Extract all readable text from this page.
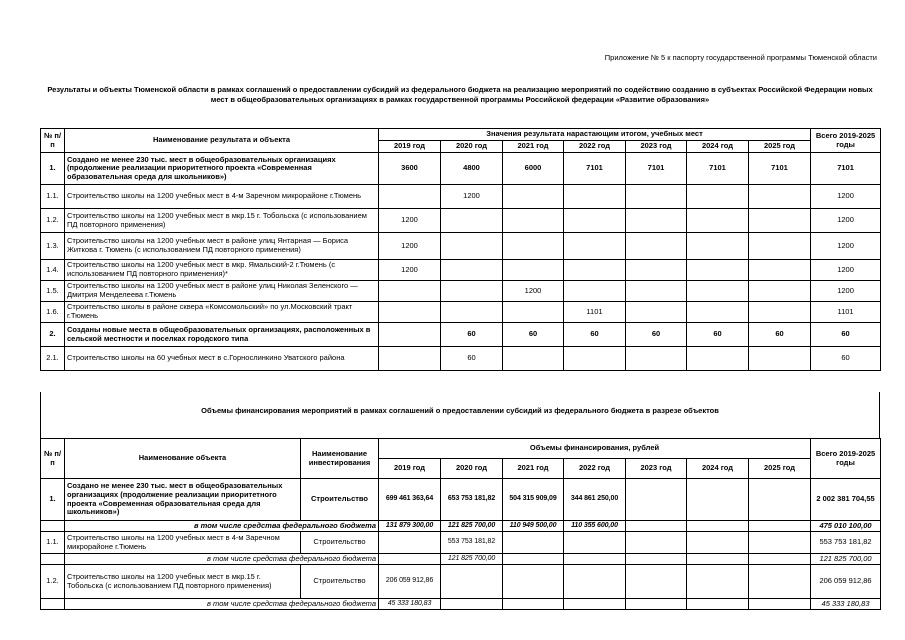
Приложение № 5 к паспорту государственной программы Тюменской области
Результаты и объекты Тюменской области в рамках соглашений о предоставлении субсидий из федерального бюджета на реализацию мероприятий по содействию созданию в субъектах Российской Федерации новых мест в общеобразовательных организациях в рамках государственной программы Российской федерации «Развитие образования»
№ п/п	Наименование результата и объекта	Значения результата нарастающим итогом, учебных мест							Всего 2019-2025 годы
		2019 год	2020 год	2021 год	2022 год	2023 год	2024 год	2025 год	
1.	Создано не менее 230 тыс. мест в общеобразовательных организациях (продолжение реализации приоритетного проекта «Современная образовательная среда для школьников»)	3600	4800	6000	7101	7101	7101	7101	7101
1.1.	Строительство школы на 1200 учебных мест в 4-м Заречном микрорайоне г.Тюмень		1200						1200
1.2.	Строительство школы на 1200 учебных мест в мкр.15 г. Тобольска (с использованием ПД повторного применения)	1200							1200
1.3.	Строительство школы на 1200 учебных мест в районе улиц Янтарная — Бориса Житкова г. Тюмень (с использованием ПД повторного применения)	1200							1200
1.4.	Строительство школы на 1200 учебных мест в мкр. Ямальский-2 г.Тюмень (с использованием ПД повторного применения)*	1200							1200
1.5.	Строительство школы на 1200 учебных мест в районе улиц Николая Зеленского — Дмитрия Менделеева г.Тюмень			1200					1200
1.6.	Строительство школы в районе сквера «Комсомольский» по ул.Московский тракт г.Тюмень				1101				1101
2.	Созданы новые места в общеобразовательных организациях, расположенных в сельской местности и поселках городского типа		60	60	60	60	60	60	60
2.1.	Строительство школы на 60 учебных мест в с.Горнослинкино Уватского района		60						60
Объемы финансирования мероприятий в рамках соглашений о предоставлении субсидий из федерального бюджета в разрезе объектов
№ п/п	Наименование объекта	Наименование инвестирования	Объемы финансирования, рублей							Всего 2019-2025 годы
			2019 год	2020 год	2021 год	2022 год	2023 год	2024 год	2025 год	
1.	Создано не менее 230 тыс. мест в общеобразовательных организациях (продолжение реализации приоритетного проекта «Современная образовательная среда для школьников»)	Строительство	699 461 363,64	653 753 181,82	504 315 909,09	344 861 250,00				2 002 381 704,55
	в том числе средства федерального бюджета		131 879 300,00	121 825 700,00	110 949 500,00	110 355 600,00				475 010 100,00
1.1.	Строительство школы на 1200 учебных мест в 4-м Заречном микрорайоне г.Тюмень	Строительство		553 753 181,82						553 753 181,82
	в том числе средства федерального бюджета			121 825 700,00						121 825 700,00
1.2.	Строительство школы на 1200 учебных мест в мкр.15 г. Тобольска (с использованием ПД повторного применения)	Строительство	206 059 912,86							206 059 912,86
	в том числе средства федерального бюджета		45 333 180,83							45 333 180,83
